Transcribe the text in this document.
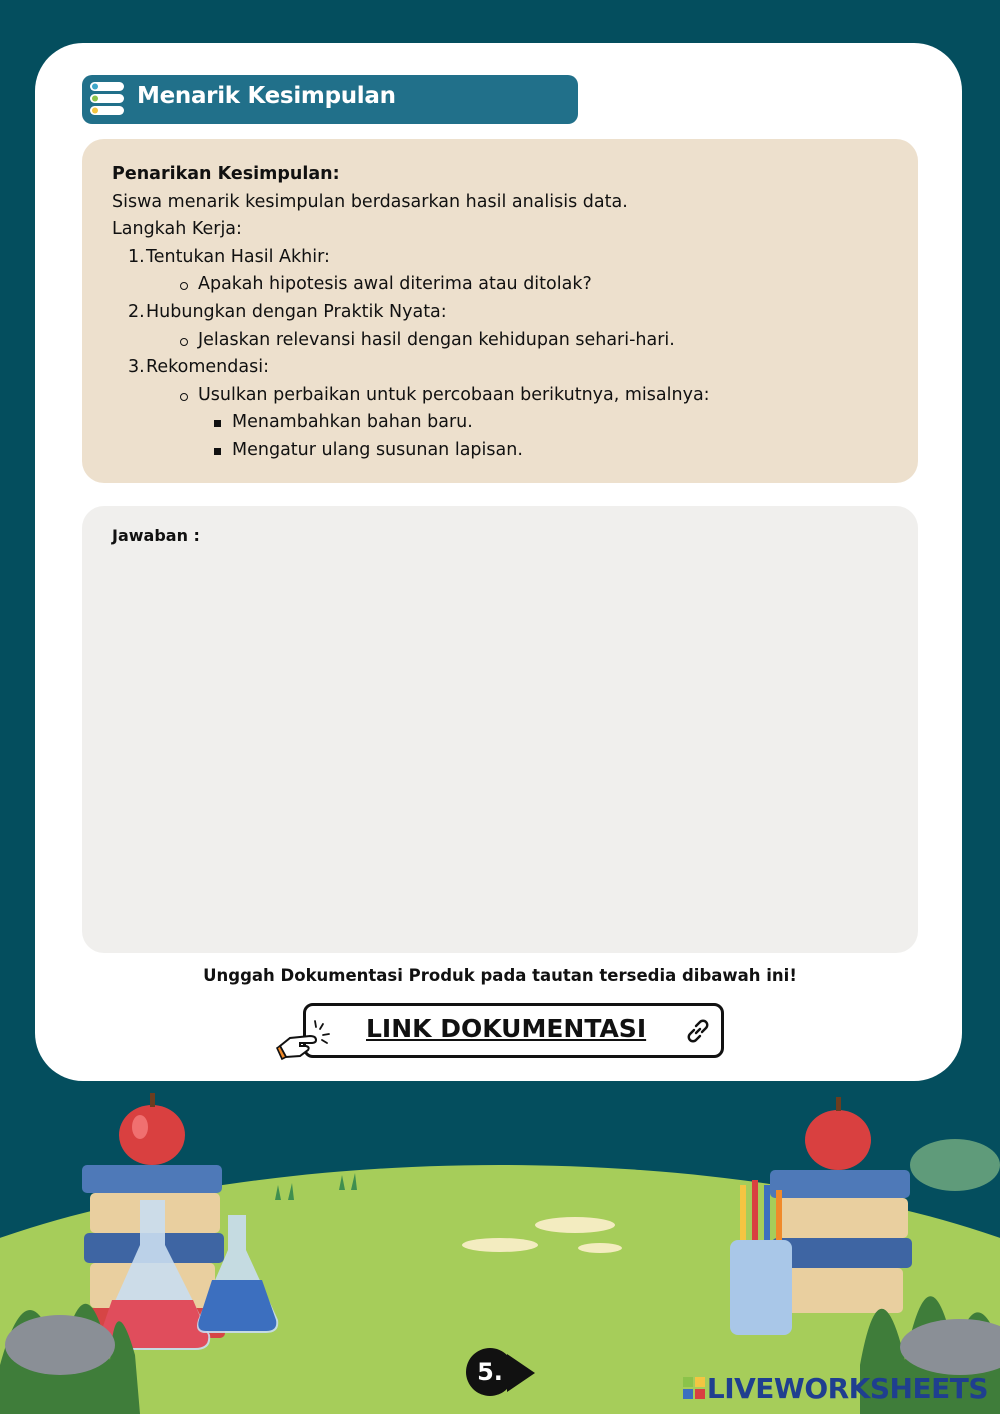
Menarik Kesimpulan
Penarikan Kesimpulan:
Siswa menarik kesimpulan berdasarkan hasil analisis data.
Langkah Kerja:
1. Tentukan Hasil Akhir:
Apakah hipotesis awal diterima atau ditolak?
2. Hubungkan dengan Praktik Nyata:
Jelaskan relevansi hasil dengan kehidupan sehari-hari.
3. Rekomendasi:
Usulkan perbaikan untuk percobaan berikutnya, misalnya:
Menambahkan bahan baru.
Mengatur ulang susunan lapisan.
Jawaban :
Unggah Dokumentasi Produk pada tautan tersedia dibawah ini!
LINK DOKUMENTASI
5.	LIVEWORKSHEETS
